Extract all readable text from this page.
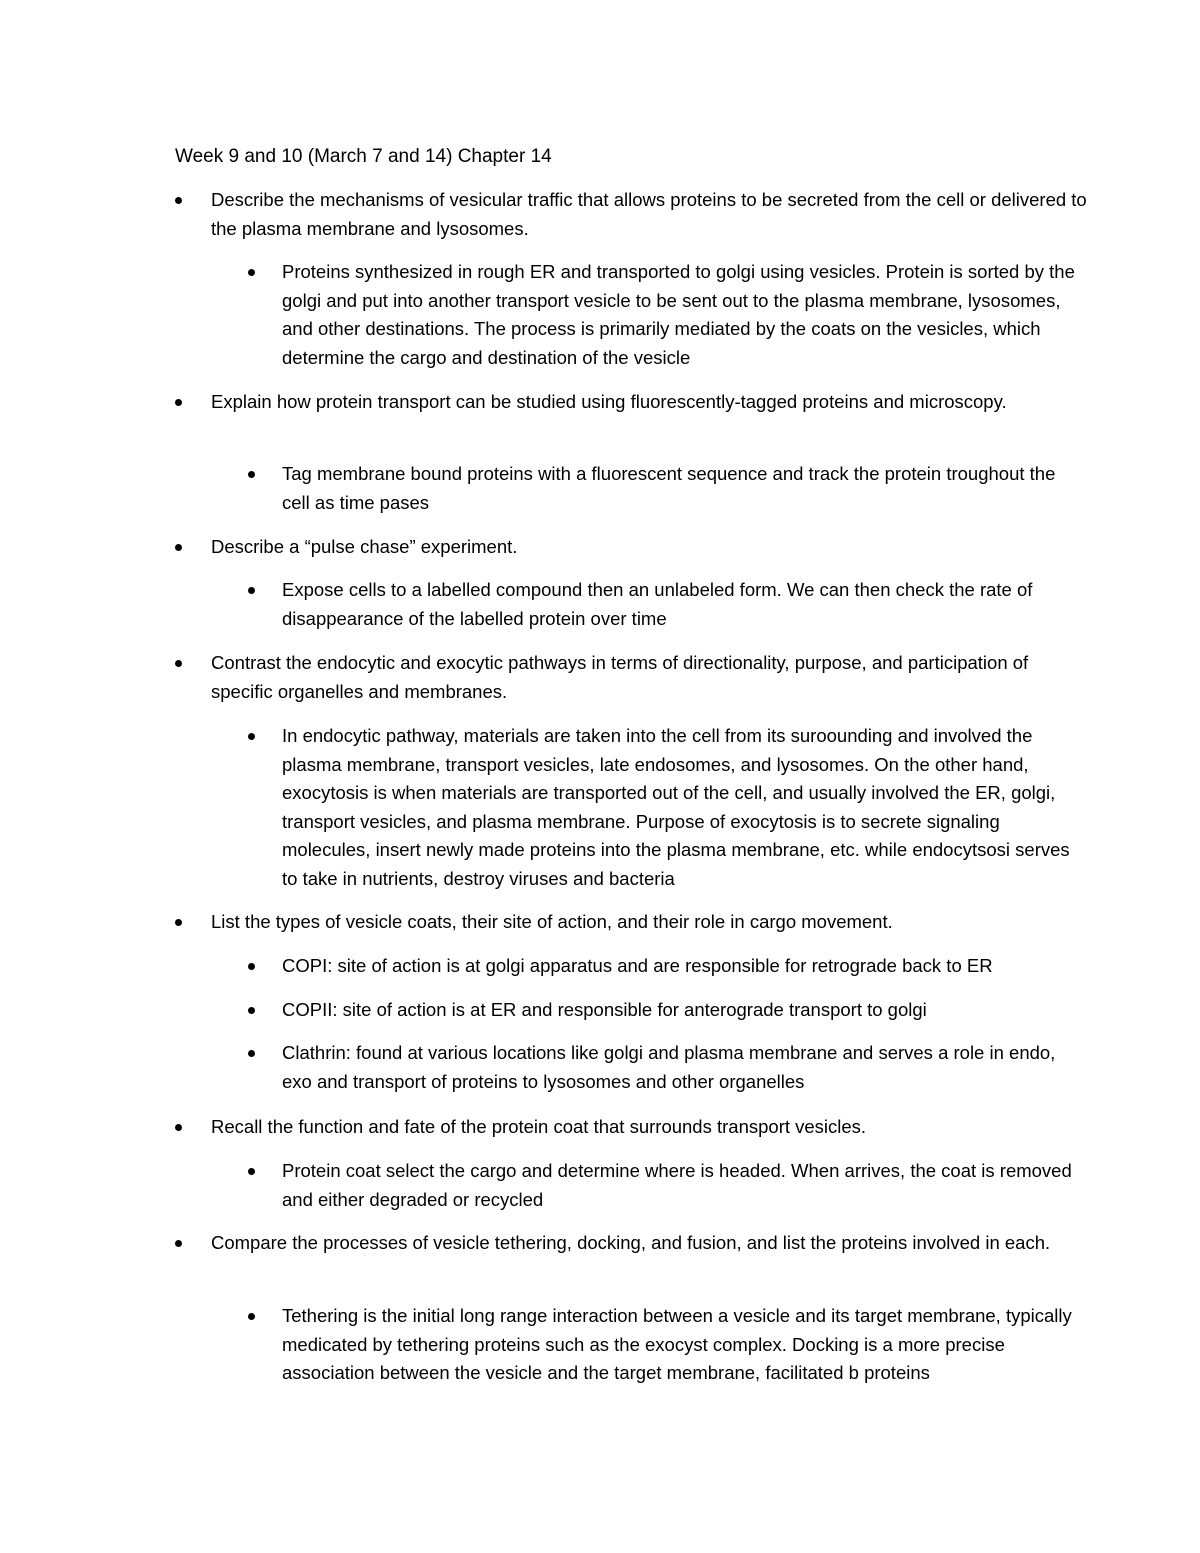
Week 9 and 10 (March 7 and 14) Chapter 14
Describe the mechanisms of vesicular traffic that allows proteins to be secreted from the cell or delivered to the plasma membrane and lysosomes.
Proteins synthesized in rough ER and transported to golgi using vesicles. Protein is sorted by the golgi and put into another transport vesicle to be sent out to the plasma membrane, lysosomes, and other destinations. The process is primarily mediated by the coats on the vesicles, which determine the cargo and destination of the vesicle
Explain how protein transport can be studied using fluorescently-tagged proteins and microscopy.
Tag membrane bound proteins with a fluorescent sequence and track the protein troughout the cell as time pases
Describe a “pulse chase” experiment.
Expose cells to a labelled compound then an unlabeled form. We can then check the rate of disappearance of the labelled protein over time
Contrast the endocytic and exocytic pathways in terms of directionality, purpose, and participation of specific organelles and membranes.
In endocytic pathway, materials are taken into the cell from its suroounding and involved the plasma membrane, transport vesicles, late endosomes, and lysosomes. On the other hand, exocytosis is when materials are transported out of the cell, and usually involved the ER, golgi, transport vesicles, and plasma membrane. Purpose of exocytosis is to secrete signaling molecules, insert newly made proteins into the plasma membrane, etc. while endocytsosi serves to take in nutrients, destroy viruses and bacteria
List the types of vesicle coats, their site of action, and their role in cargo movement.
COPI: site of action is at golgi apparatus and are responsible for retrograde back to ER
COPII: site of action is at ER and responsible for anterograde transport to golgi
Clathrin: found at various locations like golgi and plasma membrane and serves a role in endo, exo and transport of proteins to lysosomes and other organelles
Recall the function and fate of the protein coat that surrounds transport vesicles.
Protein coat select the cargo and determine where is headed. When arrives, the coat is removed and either degraded or recycled
Compare the processes of vesicle tethering, docking, and fusion, and list the proteins involved in each.
Tethering is the initial long range interaction between a vesicle and its target membrane, typically medicated by tethering proteins such as the exocyst complex. Docking is a more precise association between the vesicle and the target membrane, facilitated b proteins
